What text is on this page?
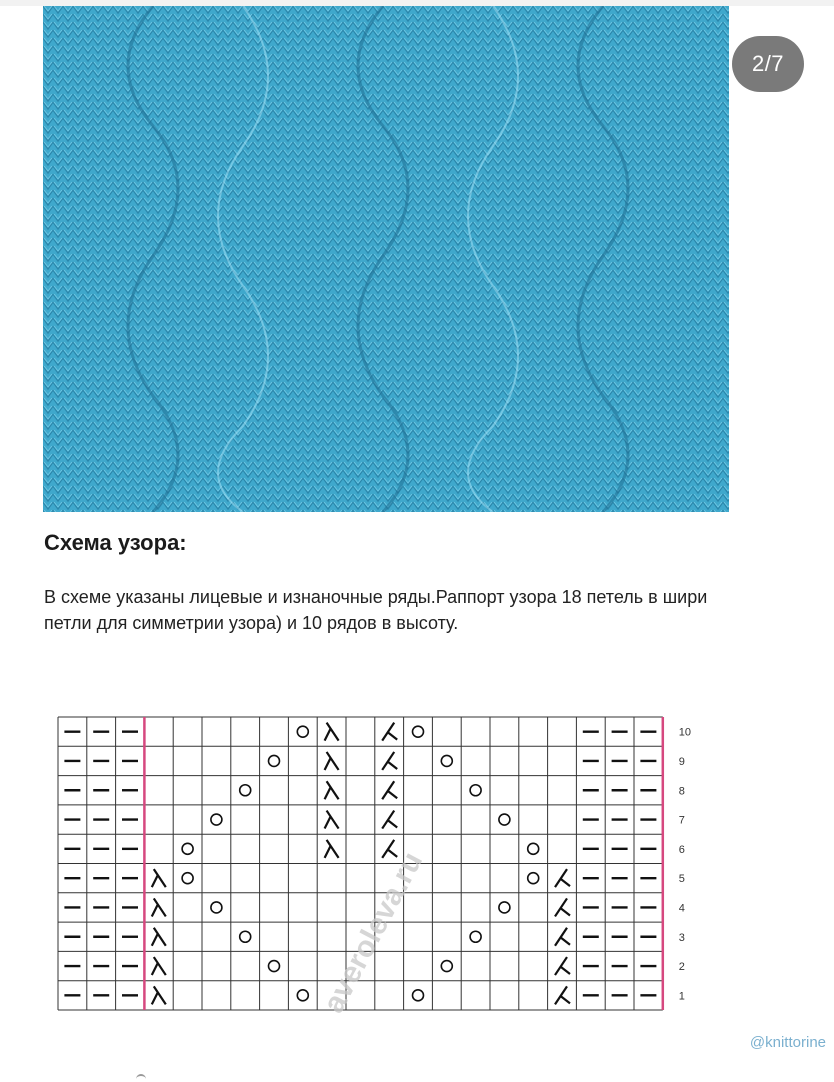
2/7
Схема узора:
В схеме указаны лицевые и изнаночные ряды.Раппорт узора 18 петель в шири
петли для симметрии узора) и 10 рядов в высоту.
10
9
8
7
6
5
4
3
2
1
averoleva.ru
@knittorine
